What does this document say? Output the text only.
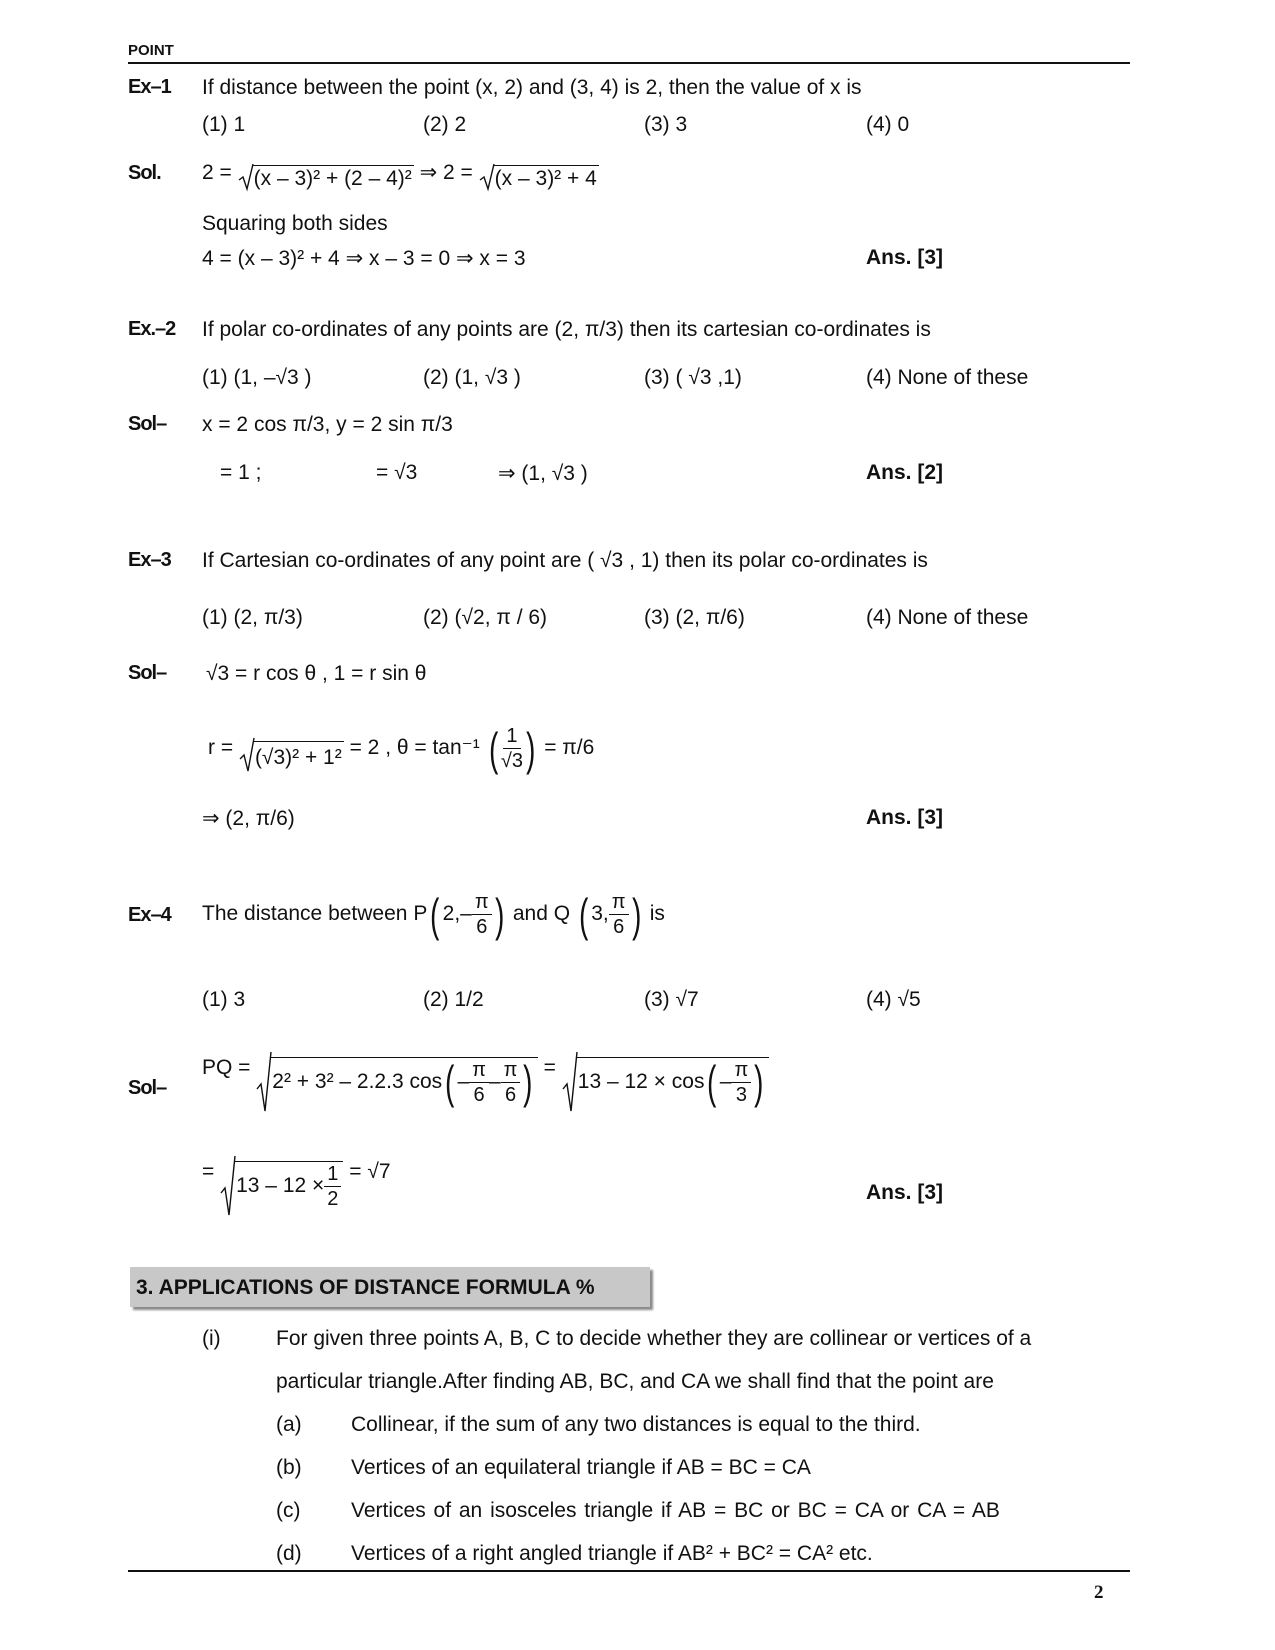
POINT
Ex–1 If distance between the point (x, 2) and (3, 4) is 2, then the value of x is
(1) 1	(2) 2	(3) 3	(4) 0
Sol. 2 = (x – 3)² + (2 – 4)² ⇒ 2 = (x – 3)² + 4
Squaring both sides
4 = (x – 3)² + 4 ⇒ x – 3 = 0 ⇒ x = 3	Ans. [3]
Ex.–2 If polar co-ordinates of any points are (2, π/3) then its cartesian co-ordinates is
(1) (1, –√3 )	(2) (1, √3 )	(3) ( √3 ,1)	(4) None of these
Sol– x = 2 cos π/3, y = 2 sin π/3
= 1 ;	= √3	⇒ (1, √3 )	Ans. [2]
Ex–3 If Cartesian co-ordinates of any point are ( √3 , 1) then its polar co-ordinates is
(1) (2, π/3)	(2) (√2, π / 6)	(3) (2, π/6)	(4) None of these
Sol– √3 = r cos θ , 1 = r sin θ
r = (√3)² + 1² = 2 , θ = tan⁻¹ ( $\frac{1}{√3}$ ) = π/6
⇒ (2, π/6)	Ans. [3]
Ex–4 The distance between P( $2,- \frac{\pi}{6}$ ) and Q ( 3, $\frac{\pi}{6}$ ) is
(1) 3	(2) 1/2	(3) √7	(4) √5
Sol–
PQ =
2² + 3² – 2.2.3 $\cos( - \frac{\pi}{6} - \frac{\pi}{6}$ ) =
$13 - 12 \times \cos( - \frac{\pi}{3}$ )
=
$13 - 12 \times \frac{1}{2} = √7$
Ans. [3]
3. APPLICATIONS OF DISTANCE FORMULA %
(i)	For given three points A, B, C to decide whether they are collinear or vertices of a
particular triangle.After finding AB, BC, and CA we shall find that the point are
(a) Collinear, if the sum of any two distances is equal to the third.
(b) Vertices of an equilateral triangle if AB = BC = CA
(c) Vertices of an isosceles triangle if AB = BC or BC = CA or CA = AB
(d) Vertices of a right angled triangle if AB² + BC² = CA² etc.
2
